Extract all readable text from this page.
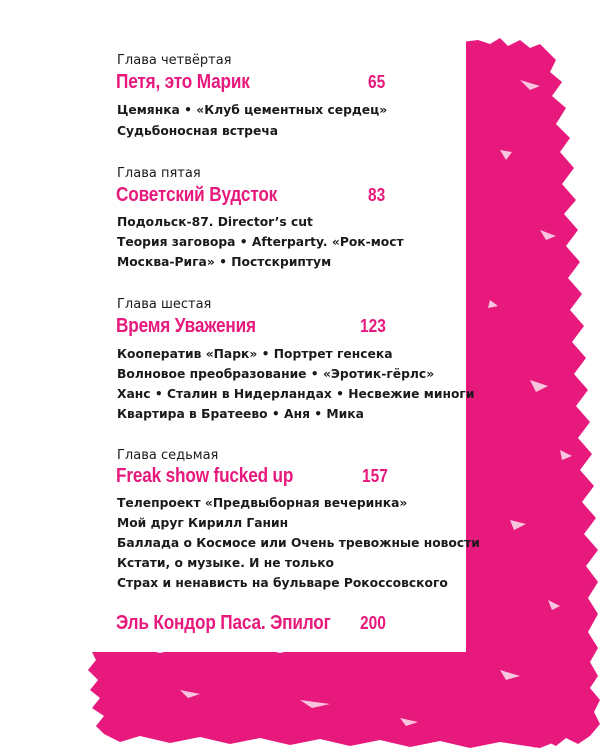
Глава четвёртая
Петя, это Марик	65
Цемянка • «Клуб цементных сердец»
Судьбоносная встреча
Глава пятая
Советский Вудсток	83
Подольск-87. Director’s cut
Теория заговора • Afterparty. «Рок-мост
Москва-Рига» • Постскриптум
Глава шестая
Время Уважения	123
Кооператив «Парк» • Портрет генсека
Волновое преобразование • «Эротик-гёрлс»
Ханс • Сталин в Нидерландах • Несвежие миноги
Квартира в Братеево • Аня • Мика
Глава седьмая
Freak show fucked up	157
Телепроект «Предвыборная вечеринка»
Мой друг Кирилл Ганин
Баллада о Космосе или Очень тревожные новости
Кстати, о музыке. И не только
Страх и ненависть на бульваре Рокоссовского
Эль Кондор Паса. Эпилог 200
